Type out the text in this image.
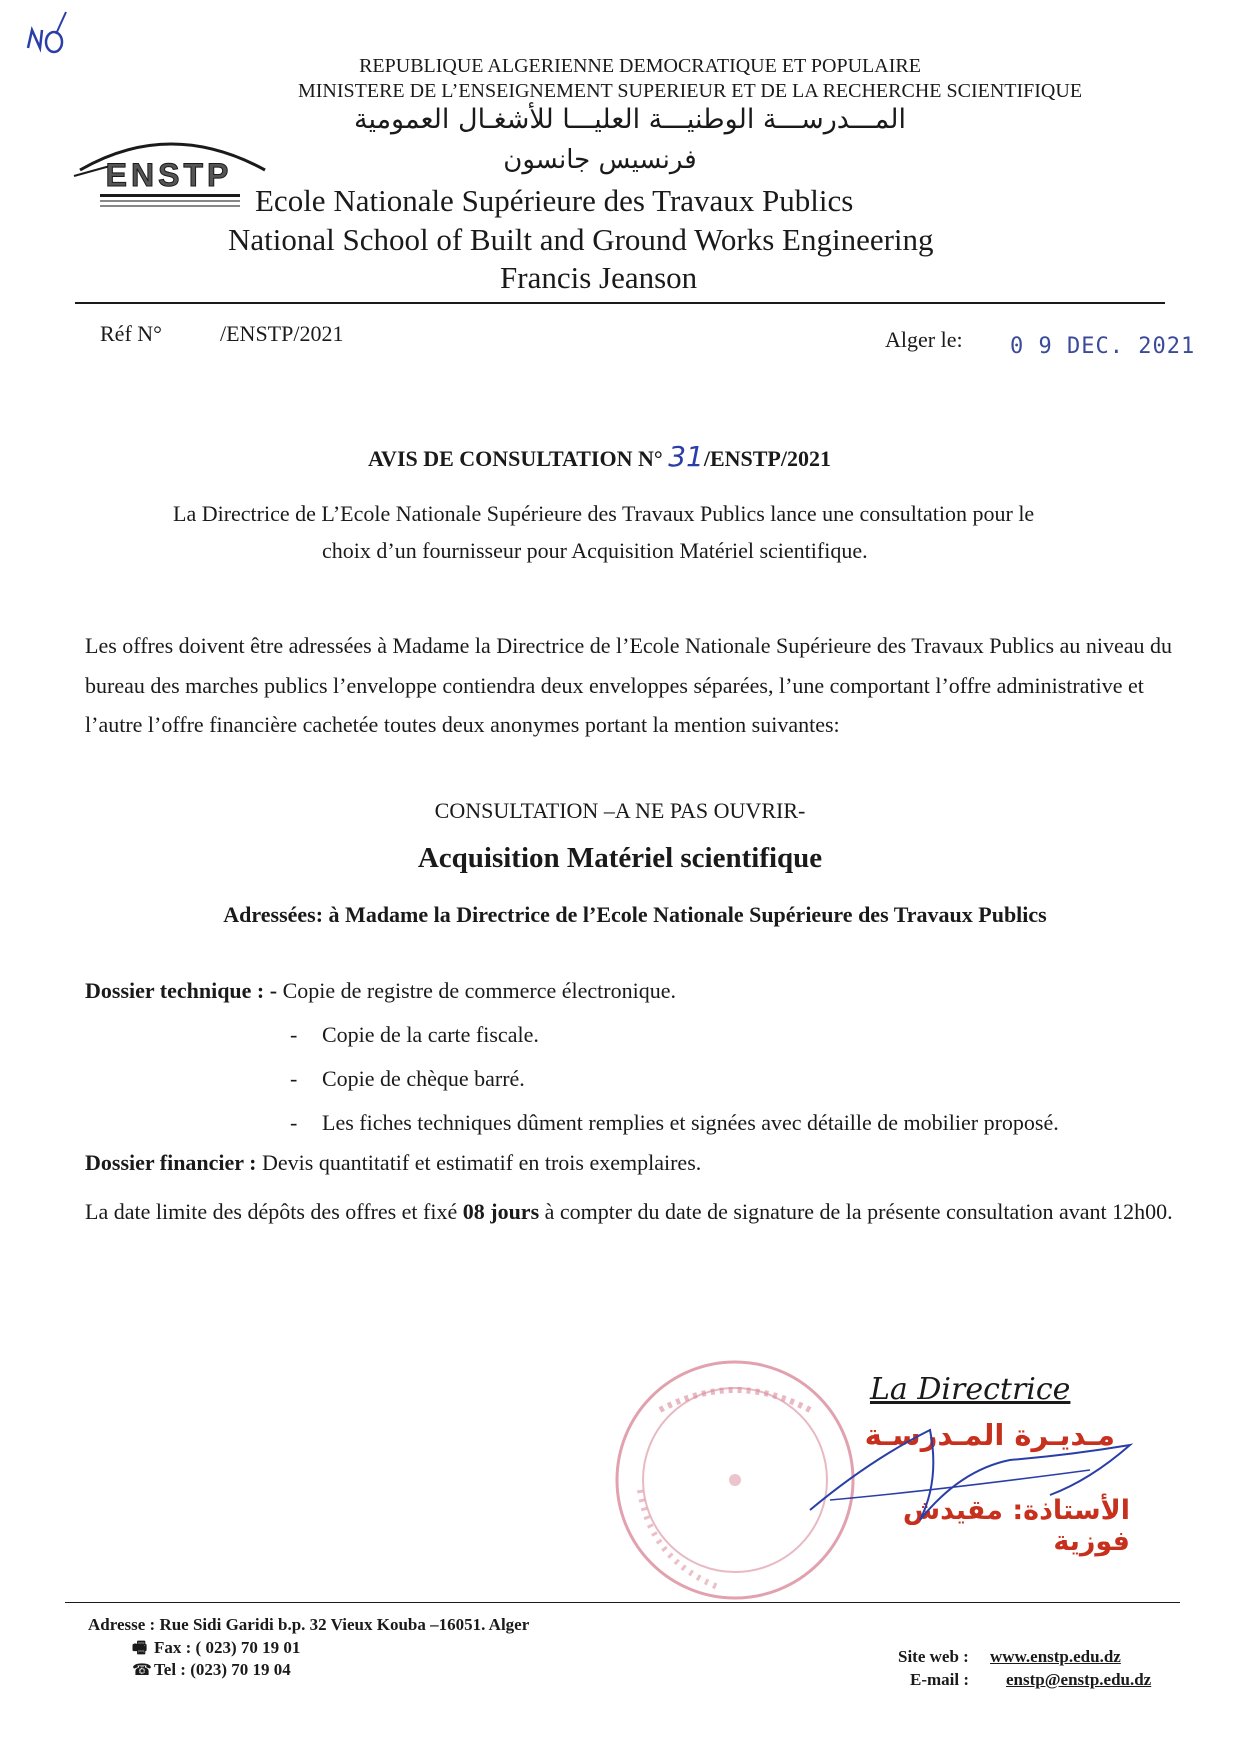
REPUBLIQUE ALGERIENNE DEMOCRATIQUE ET POPULAIRE
MINISTERE DE L’ENSEIGNEMENT SUPERIEUR ET DE LA RECHERCHE SCIENTIFIQUE
المـــدرســـة الوطنيـــة العليـــا للأشغـال العمومية
فرنسيس جانسون
ENSTP
Ecole Nationale Supérieure des Travaux Publics
National School of Built and Ground Works Engineering
Francis Jeanson
Réf N°	/ENSTP/2021	Alger le: 0 9 DEC. 2021
AVIS DE CONSULTATION N° 31/ENSTP/2021
La Directrice de L’Ecole Nationale Supérieure des Travaux Publics lance une consultation pour le
choix d’un fournisseur pour Acquisition Matériel scientifique.
Les offres doivent être adressées à Madame la Directrice de l’Ecole Nationale Supérieure des Travaux Publics au niveau du bureau des marches publics l’enveloppe contiendra deux enveloppes séparées, l’une comportant l’offre administrative et l’autre l’offre financière cachetée toutes deux anonymes portant la mention suivantes:
CONSULTATION –A NE PAS OUVRIR-
Acquisition Matériel scientifique
Adressées: à Madame la Directrice de l’Ecole Nationale Supérieure des Travaux Publics
Dossier technique : - Copie de registre de commerce électronique.
- Copie de la carte fiscale.
- Copie de chèque barré.
- Les fiches techniques dûment remplies et signées avec détaille de mobilier proposé.
Dossier financier : Devis quantitatif et estimatif en trois exemplaires.
La date limite des dépôts des offres et fixé 08 jours à compter du date de signature de la présente consultation avant 12h00.
La Directrice
مـديـرة المـدرسـة
الأستاذة: مقيدش فوزية
Adresse : Rue Sidi Garidi b.p. 32 Vieux Kouba –16051. Alger
🖷 Fax : ( 023) 70 19 01
☎ Tel : (023) 70 19 04
Site web : www.enstp.edu.dz
E-mail : enstp@enstp.edu.dz
